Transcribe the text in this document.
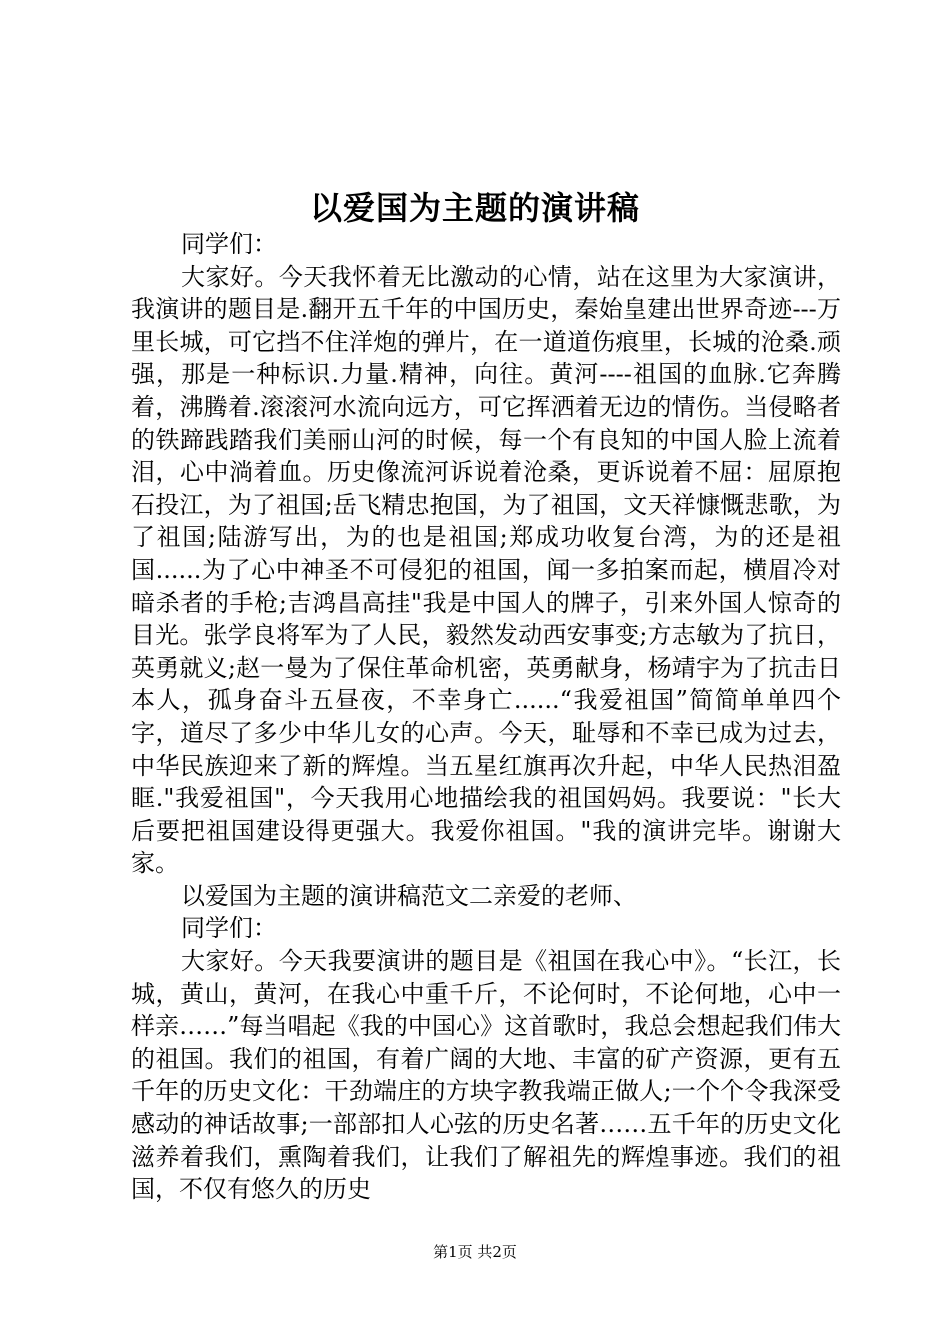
以爱国为主题的演讲稿

同学们：

大家好。今天我怀着无比激动的心情，站在这里为大家演讲，我演讲的题目是.翻开五千年的中国历史，秦始皇建出世界奇迹---万里长城，可它挡不住洋炮的弹片，在一道道伤痕里，长城的沧桑.顽强，那是一种标识.力量.精神，向往。黄河----祖国的血脉.它奔腾着，沸腾着.滚滚河水流向远方，可它挥洒着无边的情伤。当侵略者的铁蹄践踏我们美丽山河的时候，每一个有良知的中国人脸上流着泪，心中淌着血。历史像流河诉说着沧桑，更诉说着不屈：屈原抱石投江，为了祖国;岳飞精忠抱国，为了祖国，文天祥慷慨悲歌，为了祖国;陆游写出，为的也是祖国;郑成功收复台湾，为的还是祖国......为了心中神圣不可侵犯的祖国，闻一多拍案而起，横眉冷对暗杀者的手枪;吉鸿昌高挂"我是中国人的牌子，引来外国人惊奇的目光。张学良将军为了人民，毅然发动西安事变;方志敏为了抗日，英勇就义;赵一曼为了保住革命机密，英勇献身，杨靖宇为了抗击日本人，孤身奋斗五昼夜，不幸身亡......“我爱祖国”简简单单四个字，道尽了多少中华儿女的心声。今天，耻辱和不幸已成为过去，中华民族迎来了新的辉煌。当五星红旗再次升起，中华人民热泪盈眶."我爱祖国"，今天我用心地描绘我的祖国妈妈。我要说："长大后要把祖国建设得更强大。我爱你祖国。"我的演讲完毕。谢谢大家。

以爱国为主题的演讲稿范文二亲爱的老师、

同学们：

大家好。今天我要演讲的题目是《祖国在我心中》。“长江，长城，黄山，黄河，在我心中重千斤，不论何时，不论何地，心中一样亲……”每当唱起《我的中国心》这首歌时，我总会想起我们伟大的祖国。我们的祖国，有着广阔的大地、丰富的矿产资源，更有五千年的历史文化：干劲端庄的方块字教我端正做人;一个个令我深受感动的神话故事;一部部扣人心弦的历史名著……五千年的历史文化滋养着我们，熏陶着我们，让我们了解祖先的辉煌事迹。我们的祖国，不仅有悠久的历史

第1页 共2页
